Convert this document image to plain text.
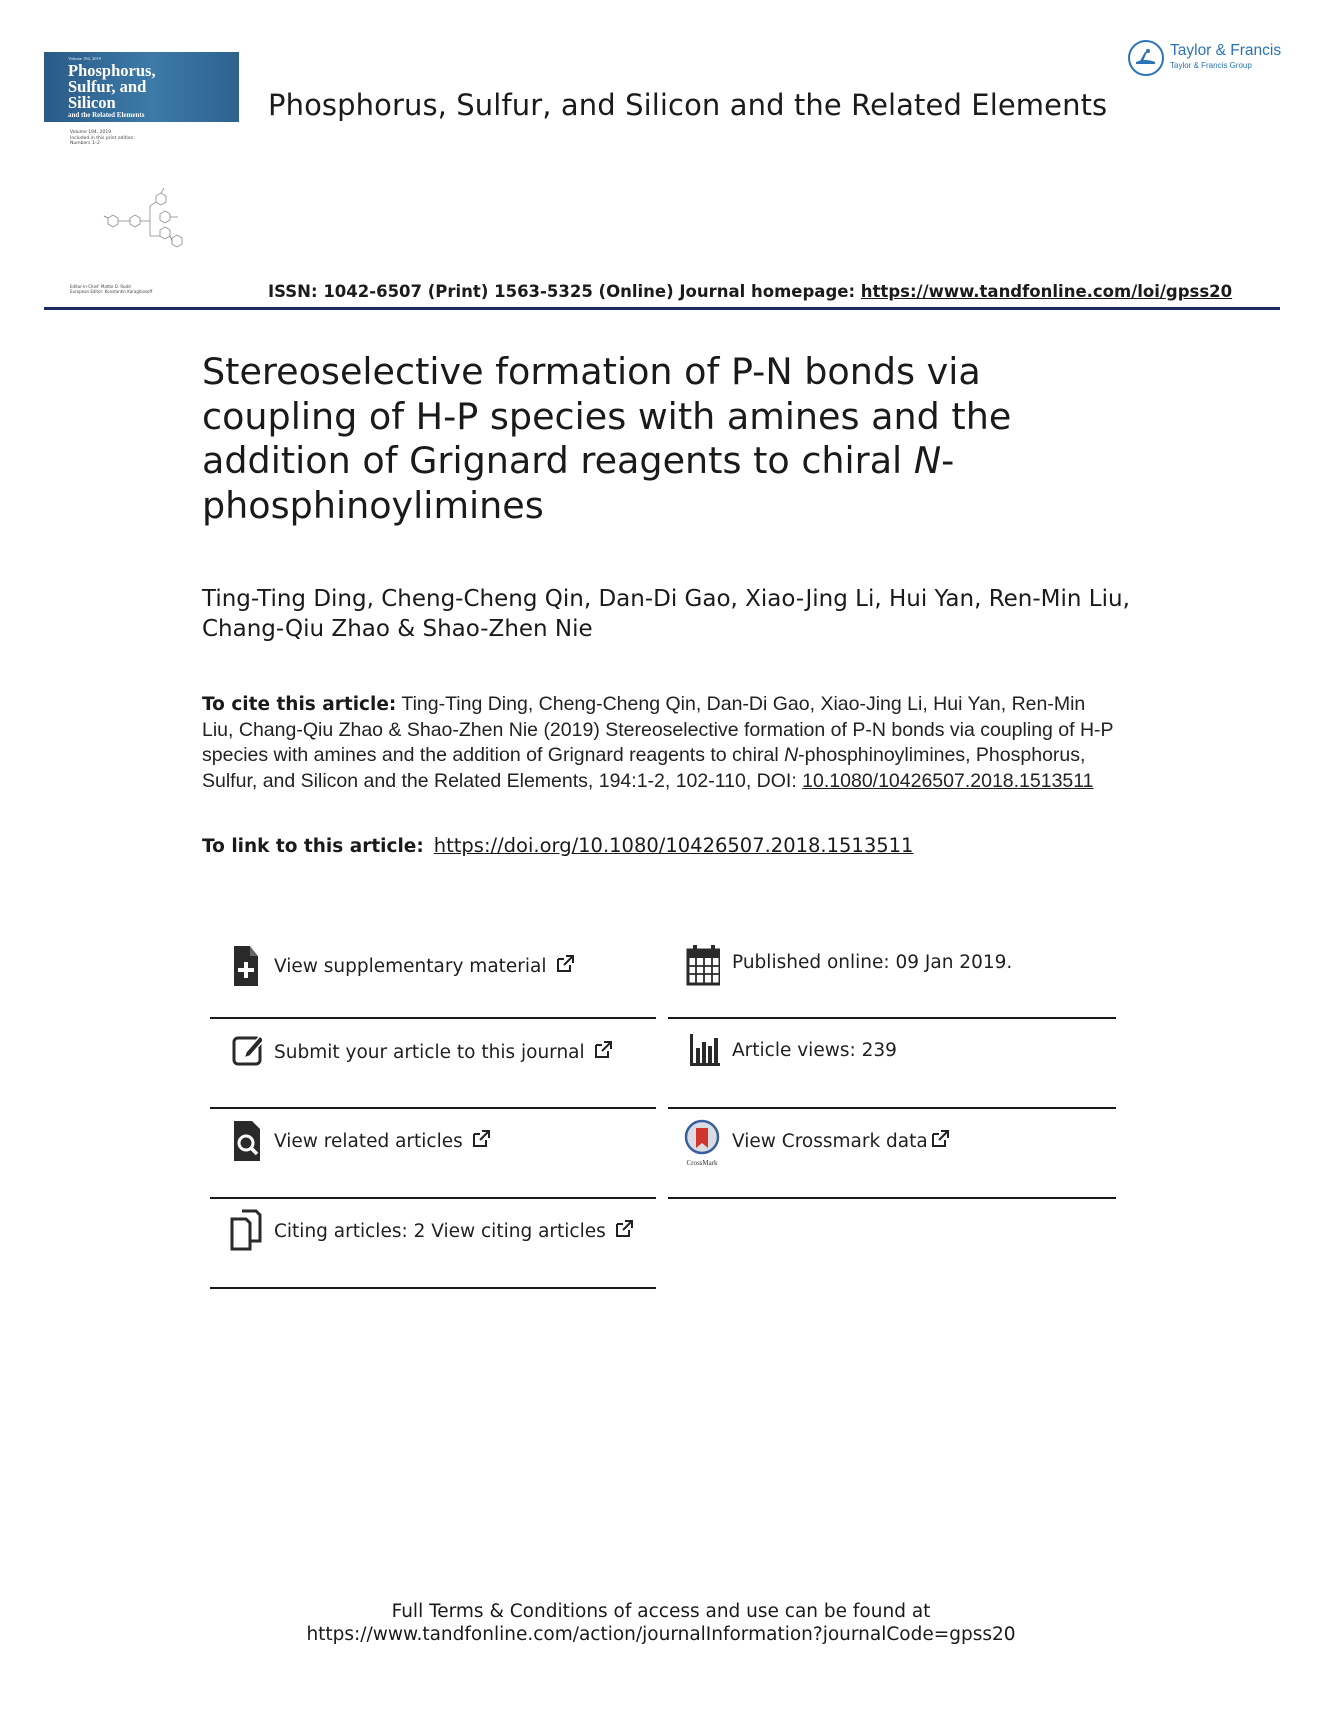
Volume 194, 2019
Phosphorus,
Sulfur, and
Silicon
and the Related Elements
Volume 194, 2019
Included in this print edition:
Numbers 1–2
Editor-in-Chief: Mattie D. Rudd
European Editor: Konstantin Karaghiosoff
Phosphorus, Sulfur, and Silicon and the Related Elements
Taylor & Francis
Taylor & Francis Group
ISSN: 1042-6507 (Print) 1563-5325 (Online) Journal homepage: https://www.tandfonline.com/loi/gpss20
Stereoselective formation of P-N bonds via coupling of H-P species with amines and the addition of Grignard reagents to chiral N-phosphinoylimines
Ting-Ting Ding, Cheng-Cheng Qin, Dan-Di Gao, Xiao-Jing Li, Hui Yan, Ren-Min Liu, Chang-Qiu Zhao & Shao-Zhen Nie
To cite this article: Ting-Ting Ding, Cheng-Cheng Qin, Dan-Di Gao, Xiao-Jing Li, Hui Yan, Ren-Min Liu, Chang-Qiu Zhao & Shao-Zhen Nie (2019) Stereoselective formation of P-N bonds via coupling of H-P species with amines and the addition of Grignard reagents to chiral N-phosphinoylimines, Phosphorus, Sulfur, and Silicon and the Related Elements, 194:1-2, 102-110, DOI: 10.1080/10426507.2018.1513511
To link to this article: https://doi.org/10.1080/10426507.2018.1513511
View supplementary material
Submit your article to this journal
View related articles
Citing articles: 2 View citing articles
Published online: 09 Jan 2019.
Article views: 239
CrossMark
View Crossmark data
Full Terms & Conditions of access and use can be found at
https://www.tandfonline.com/action/journalInformation?journalCode=gpss20
